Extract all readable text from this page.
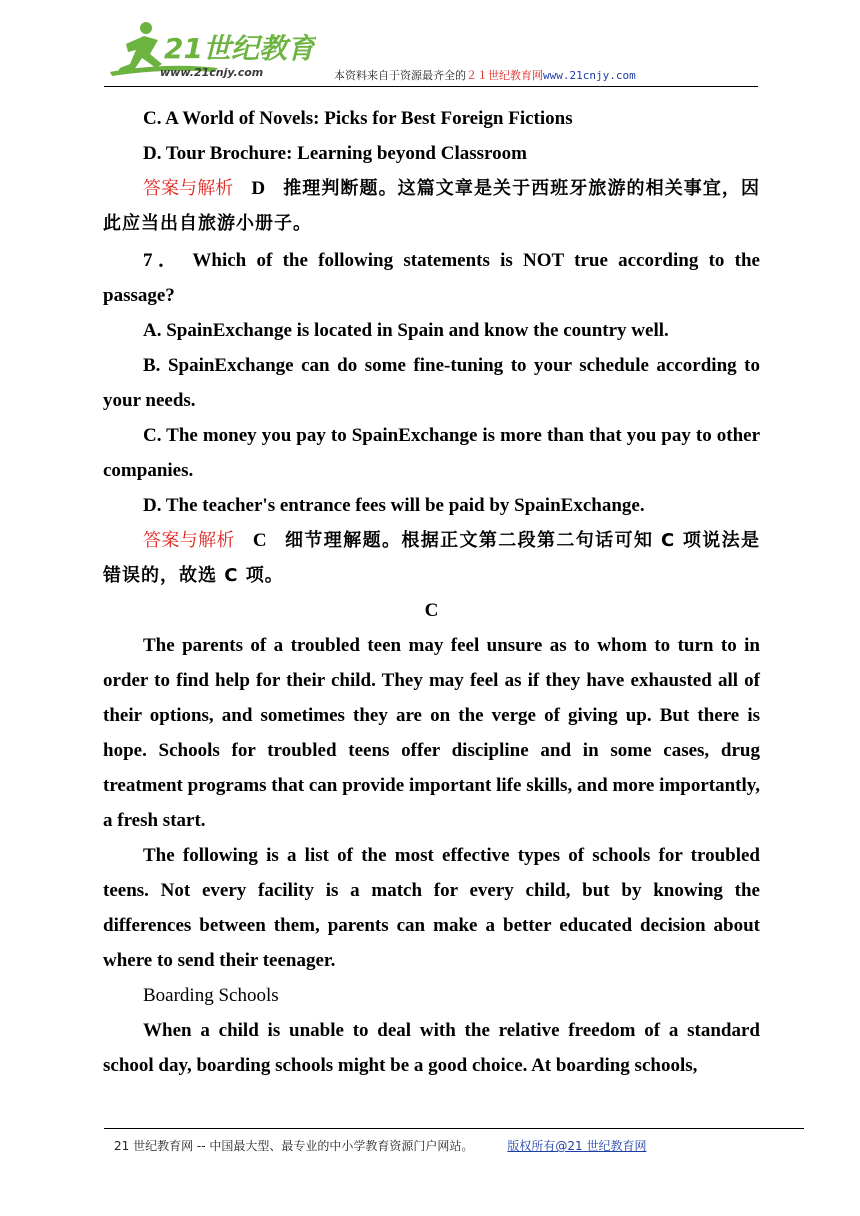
21世纪教育
www.21cnjy.com	本资料来自于资源最齐全的２１世纪教育网www.21cnjy.com

C. A World of Novels: Picks for Best Foreign Fictions

D. Tour Brochure: Learning beyond Classroom

答案与解析 D 推理判断题。这篇文章是关于西班牙旅游的相关事宜，因此应当出自旅游小册子。

7． Which of the following statements is NOT true according to the passage?

A. SpainExchange is located in Spain and know the country well.

B. SpainExchange can do some fine-tuning to your schedule according to your needs.

C. The money you pay to SpainExchange is more than that you pay to other companies.

D. The teacher's entrance fees will be paid by SpainExchange.

答案与解析 C 细节理解题。根据正文第二段第二句话可知 C 项说法是错误的，故选 C 项。

C

The parents of a troubled teen may feel unsure as to whom to turn to in order to find help for their child. They may feel as if they have exhausted all of their options, and sometimes they are on the verge of giving up. But there is hope. Schools for troubled teens offer discipline and in some cases, drug treatment programs that can provide important life skills, and more importantly, a fresh start.

The following is a list of the most effective types of schools for troubled teens. Not every facility is a match for every child, but by knowing the differences between them, parents can make a better educated decision about where to send their teenager.

Boarding Schools

When a child is unable to deal with the relative freedom of a standard school day, boarding schools might be a good choice. At boarding schools,

21 世纪教育网 -- 中国最大型、最专业的中小学教育资源门户网站。	版权所有@21 世纪教育网
